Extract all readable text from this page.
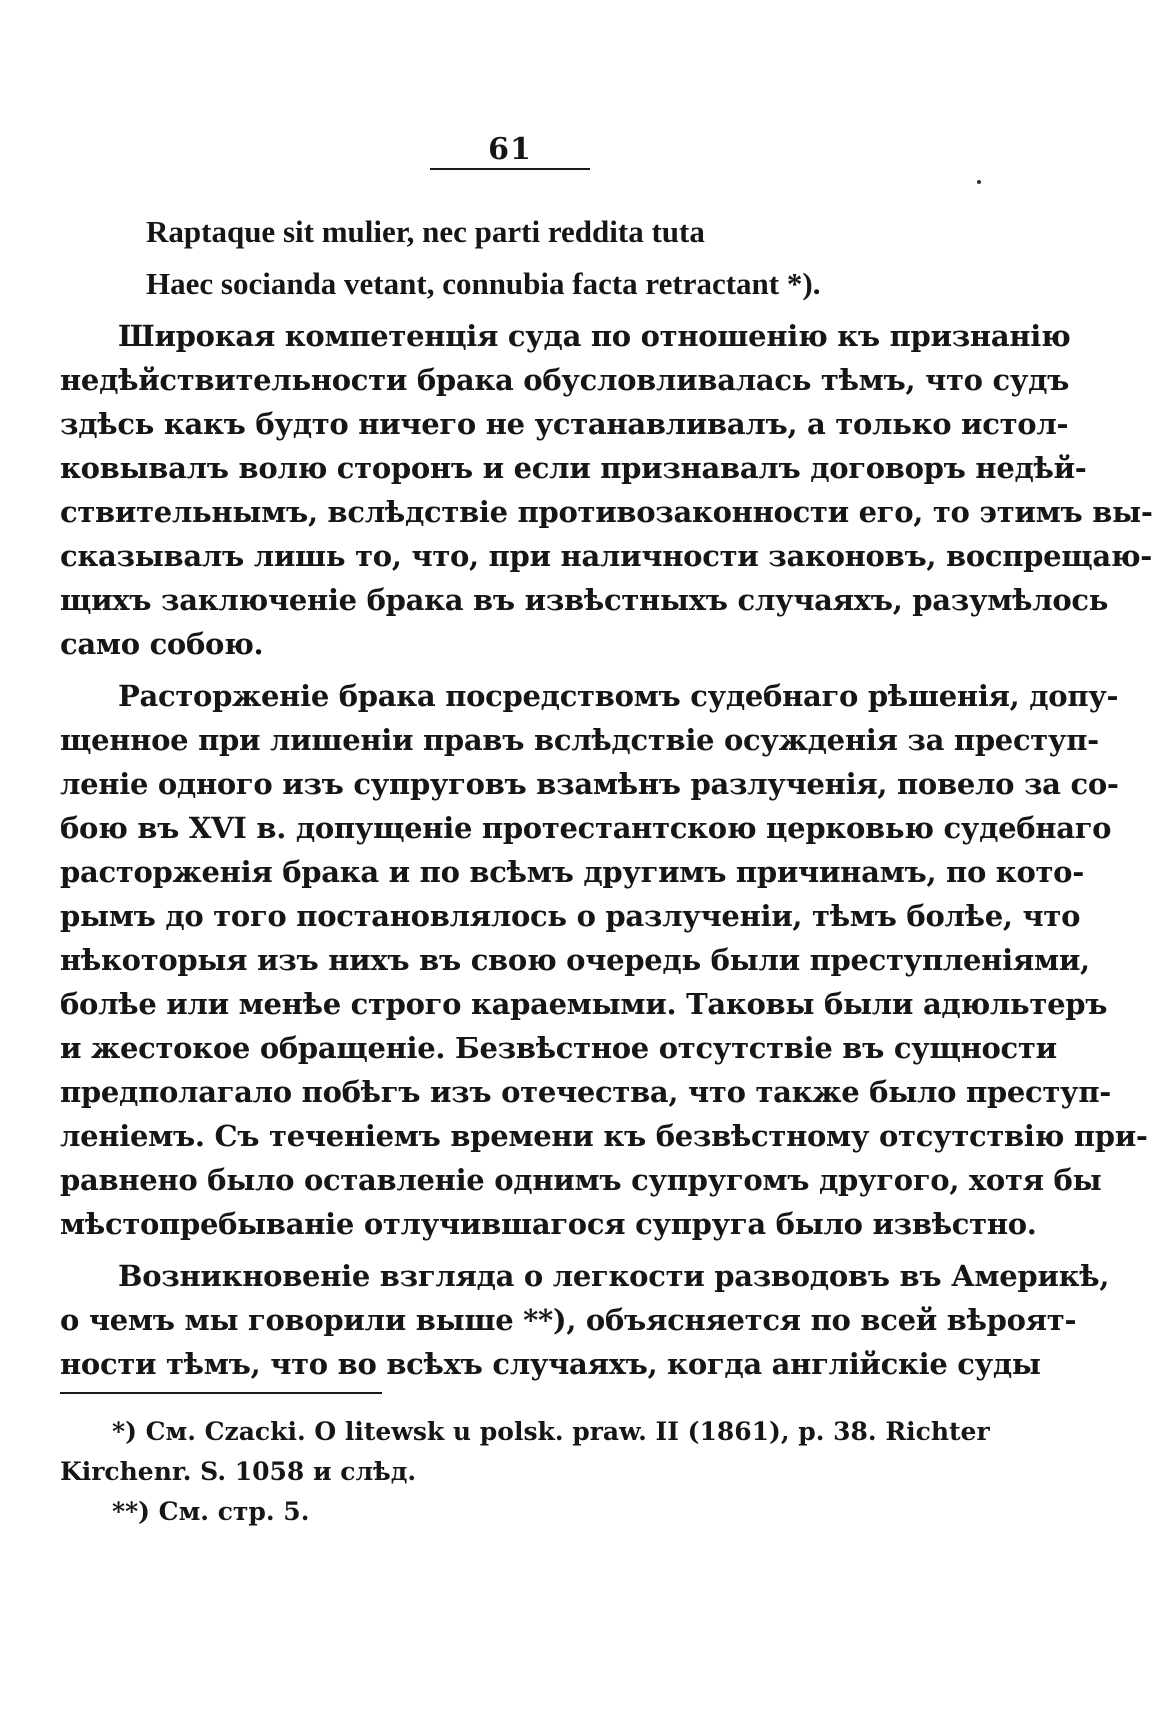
61
Raptaque sit mulier, nec parti reddita tuta
Haec sociandа vetant, connubia facta retractant *).
Широкая компетенція суда по отношенію къ признанію
недѣйствительности брака обусловливалась тѣмъ, что судъ
здѣсь какъ будто ничего не устанавливалъ, а только истол-
ковывалъ волю сторонъ и если признавалъ договоръ недѣй-
ствительнымъ, вслѣдствіе противозаконности его, то этимъ вы-
сказывалъ лишь то, что, при наличности законовъ, воспрещаю-
щихъ заключеніе брака въ извѣстныхъ случаяхъ, разумѣлось
само собою.
Расторженіе брака посредствомъ судебнаго рѣшенія, допу-
щенное при лишеніи правъ вслѣдствіе осужденія за преступ-
леніе одного изъ супруговъ взамѣнъ разлученія, повело за со-
бою въ XVI в. допущеніе протестантскою церковью судебнаго
расторженія брака и по всѣмъ другимъ причинамъ, по кото-
рымъ до того постановлялось о разлученіи, тѣмъ болѣе, что
нѣкоторыя изъ нихъ въ свою очередь были преступленіями,
болѣе или менѣе строго караемыми. Таковы были адюльтеръ
и жестокое обращеніе. Безвѣстное отсутствіе въ сущности
предполагало побѣгъ изъ отечества, что также было преступ-
леніемъ. Съ теченіемъ времени къ безвѣстному отсутствію при-
равнено было оставленіе однимъ супругомъ другого, хотя бы
мѣстопребываніе отлучившагося супруга было извѣстно.
Возникновеніе взгляда о легкости разводовъ въ Америкѣ,
о чемъ мы говорили выше **), объясняется по всей вѣроят-
ности тѣмъ, что во всѣхъ случаяхъ, когда англійскіе суды
*) См. Czacki. O litewsk u polsk. praw. II (1861), p. 38. Richter
Kirchenr. S. 1058 и слѣд.
**) См. стр. 5.
